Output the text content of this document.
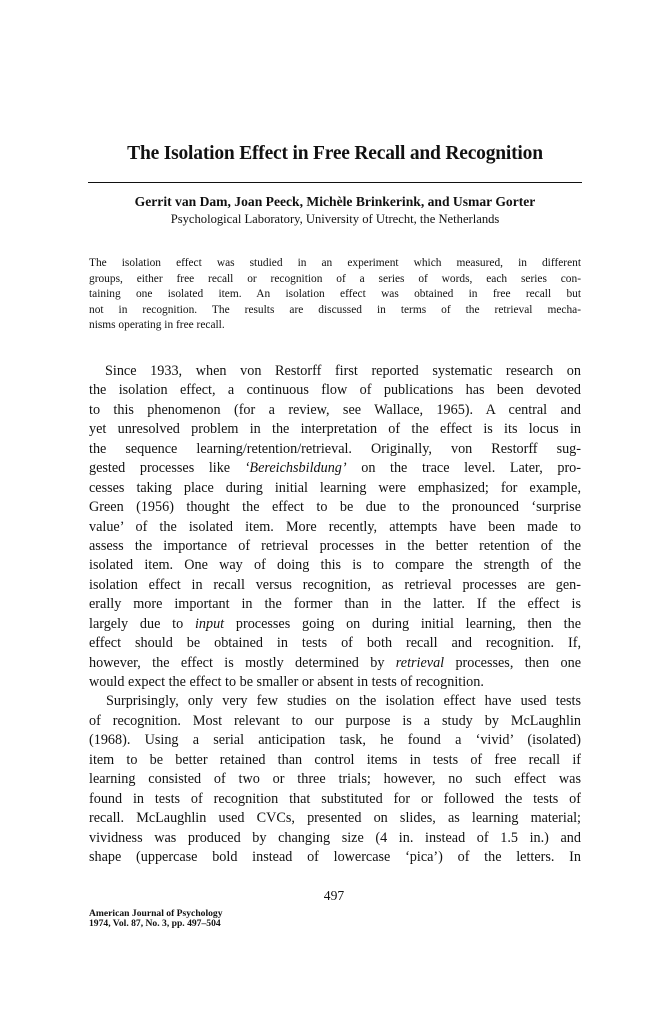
The Isolation Effect in Free Recall and Recognition
Gerrit van Dam, Joan Peeck, Michèle Brinkerink, and Usmar Gorter
Psychological Laboratory, University of Utrecht, the Netherlands
The isolation effect was studied in an experiment which measured, in different
groups, either free recall or recognition of a series of words, each series con-
taining one isolated item. An isolation effect was obtained in free recall but
not in recognition. The results are discussed in terms of the retrieval mecha-
nisms operating in free recall.
Since 1933, when von Restorff first reported systematic research on
the isolation effect, a continuous flow of publications has been devoted
to this phenomenon (for a review, see Wallace, 1965). A central and
yet unresolved problem in the interpretation of the effect is its locus in
the sequence learning/retention/retrieval. Originally, von Restorff sug-
gested processes like ‘Bereichsbildung’ on the trace level. Later, pro-
cesses taking place during initial learning were emphasized; for example,
Green (1956) thought the effect to be due to the pronounced ‘surprise
value’ of the isolated item. More recently, attempts have been made to
assess the importance of retrieval processes in the better retention of the
isolated item. One way of doing this is to compare the strength of the
isolation effect in recall versus recognition, as retrieval processes are gen-
erally more important in the former than in the latter. If the effect is
largely due to input processes going on during initial learning, then the
effect should be obtained in tests of both recall and recognition. If,
however, the effect is mostly determined by retrieval processes, then one
would expect the effect to be smaller or absent in tests of recognition.
Surprisingly, only very few studies on the isolation effect have used tests
of recognition. Most relevant to our purpose is a study by McLaughlin
(1968). Using a serial anticipation task, he found a ‘vivid’ (isolated)
item to be better retained than control items in tests of free recall if
learning consisted of two or three trials; however, no such effect was
found in tests of recognition that substituted for or followed the tests of
recall. McLaughlin used CVCs, presented on slides, as learning material;
vividness was produced by changing size (4 in. instead of 1.5 in.) and
shape (uppercase bold instead of lowercase ‘pica’) of the letters. In
497
American Journal of Psychology
1974, Vol. 87, No. 3, pp. 497–504
